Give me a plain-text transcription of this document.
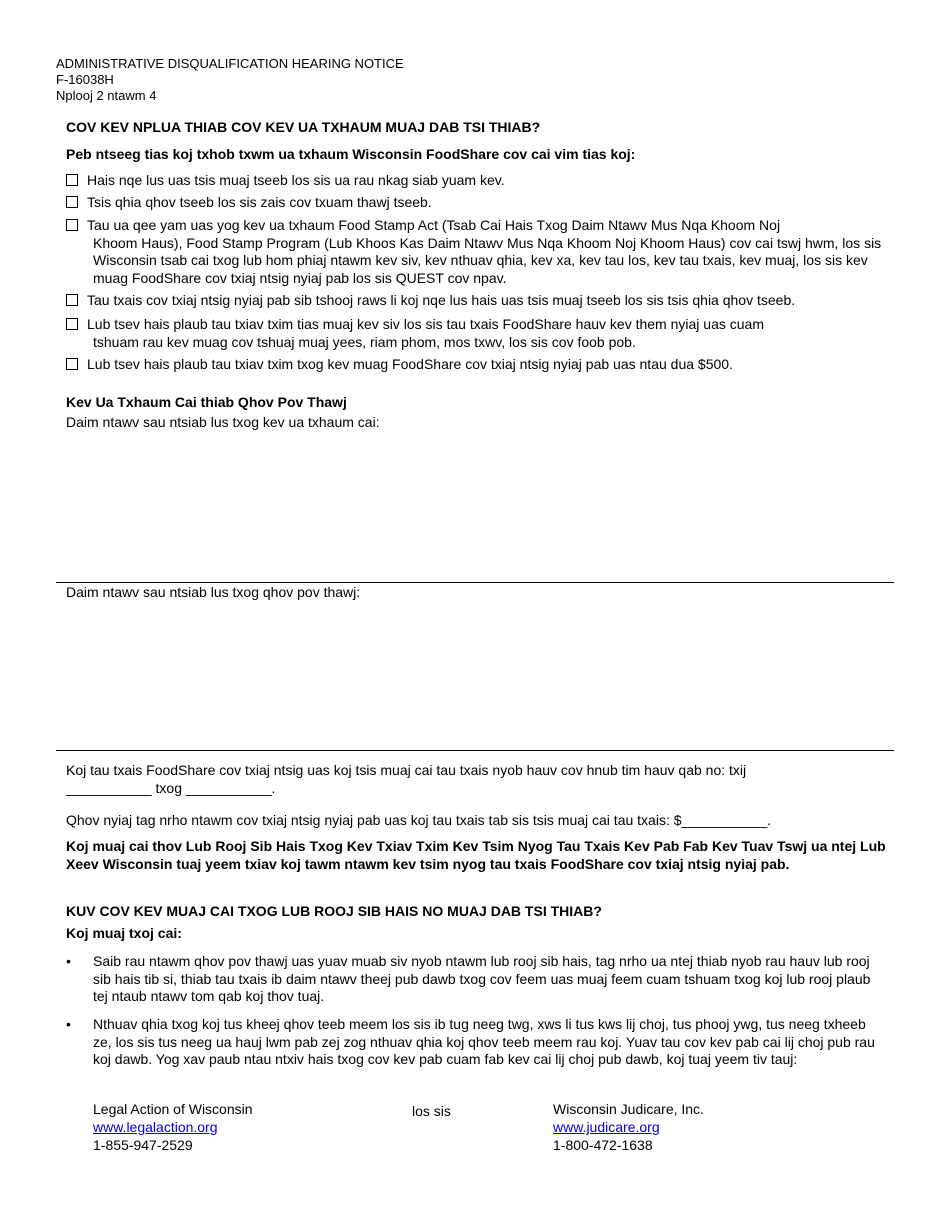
ADMINISTRATIVE DISQUALIFICATION HEARING NOTICE
F-16038H
Nplooj 2 ntawm 4
COV KEV NPLUA THIAB COV KEV UA TXHAUM MUAJ DAB TSI THIAB?
Peb ntseeg tias koj txhob txwm ua txhaum Wisconsin FoodShare cov cai vim tias koj:
Hais nqe lus uas tsis muaj tseeb los sis ua rau nkag siab yuam kev.
Tsis qhia qhov tseeb los sis zais cov txuam thawj tseeb.
Tau ua qee yam uas yog kev ua txhaum Food Stamp Act (Tsab Cai Hais Txog Daim Ntawv Mus Nqa Khoom Noj
Khoom Haus), Food Stamp Program (Lub Khoos Kas Daim Ntawv Mus Nqa Khoom Noj Khoom Haus) cov cai tswj hwm, los sis Wisconsin tsab cai txog lub hom phiaj ntawm kev siv, kev nthuav qhia, kev xa, kev tau los, kev tau txais, kev muaj, los sis kev muag FoodShare cov txiaj ntsig nyiaj pab los sis QUEST cov npav.
Tau txais cov txiaj ntsig nyiaj pab sib tshooj raws li koj nqe lus hais uas tsis muaj tseeb los sis tsis qhia qhov tseeb.
Lub tsev hais plaub tau txiav txim tias muaj kev siv los sis tau txais FoodShare hauv kev them nyiaj uas cuam
tshuam rau kev muag cov tshuaj muaj yees, riam phom, mos txwv, los sis cov foob pob.
Lub tsev hais plaub tau txiav txim txog kev muag FoodShare cov txiaj ntsig nyiaj pab uas ntau dua $500.
Kev Ua Txhaum Cai thiab Qhov Pov Thawj
Daim ntawv sau ntsiab lus txog kev ua txhaum cai:
Daim ntawv sau ntsiab lus txog qhov pov thawj:
Koj tau txais FoodShare cov txiaj ntsig uas koj tsis muaj cai tau txais nyob hauv cov hnub tim hauv qab no: txij
___________ txog ___________.
Qhov nyiaj tag nrho ntawm cov txiaj ntsig nyiaj pab uas koj tau txais tab sis tsis muaj cai tau txais: $___________.
Koj muaj cai thov Lub Rooj Sib Hais Txog Kev Txiav Txim Kev Tsim Nyog Tau Txais Kev Pab Fab Kev Tuav Tswj ua ntej Lub Xeev Wisconsin tuaj yeem txiav koj tawm ntawm kev tsim nyog tau txais FoodShare cov txiaj ntsig nyiaj pab.
KUV COV KEV MUAJ CAI TXOG LUB ROOJ SIB HAIS NO MUAJ DAB TSI THIAB?
Koj muaj txoj cai:
• Saib rau ntawm qhov pov thawj uas yuav muab siv nyob ntawm lub rooj sib hais, tag nrho ua ntej thiab nyob rau hauv lub rooj sib hais tib si, thiab tau txais ib daim ntawv theej pub dawb txog cov feem uas muaj feem cuam tshuam txog koj lub rooj plaub tej ntaub ntawv tom qab koj thov tuaj.
• Nthuav qhia txog koj tus kheej qhov teeb meem los sis ib tug neeg twg, xws li tus kws lij choj, tus phooj ywg, tus neeg txheeb ze, los sis tus neeg ua hauj lwm pab zej zog nthuav qhia koj qhov teeb meem rau koj. Yuav tau cov kev pab cai lij choj pub rau koj dawb. Yog xav paub ntau ntxiv hais txog cov kev pab cuam fab kev cai lij choj pub dawb, koj tuaj yeem tiv tauj:
Legal Action of Wisconsin
www.legalaction.org
1-855-947-2529
los sis	Wisconsin Judicare, Inc.
www.judicare.org
1-800-472-1638
